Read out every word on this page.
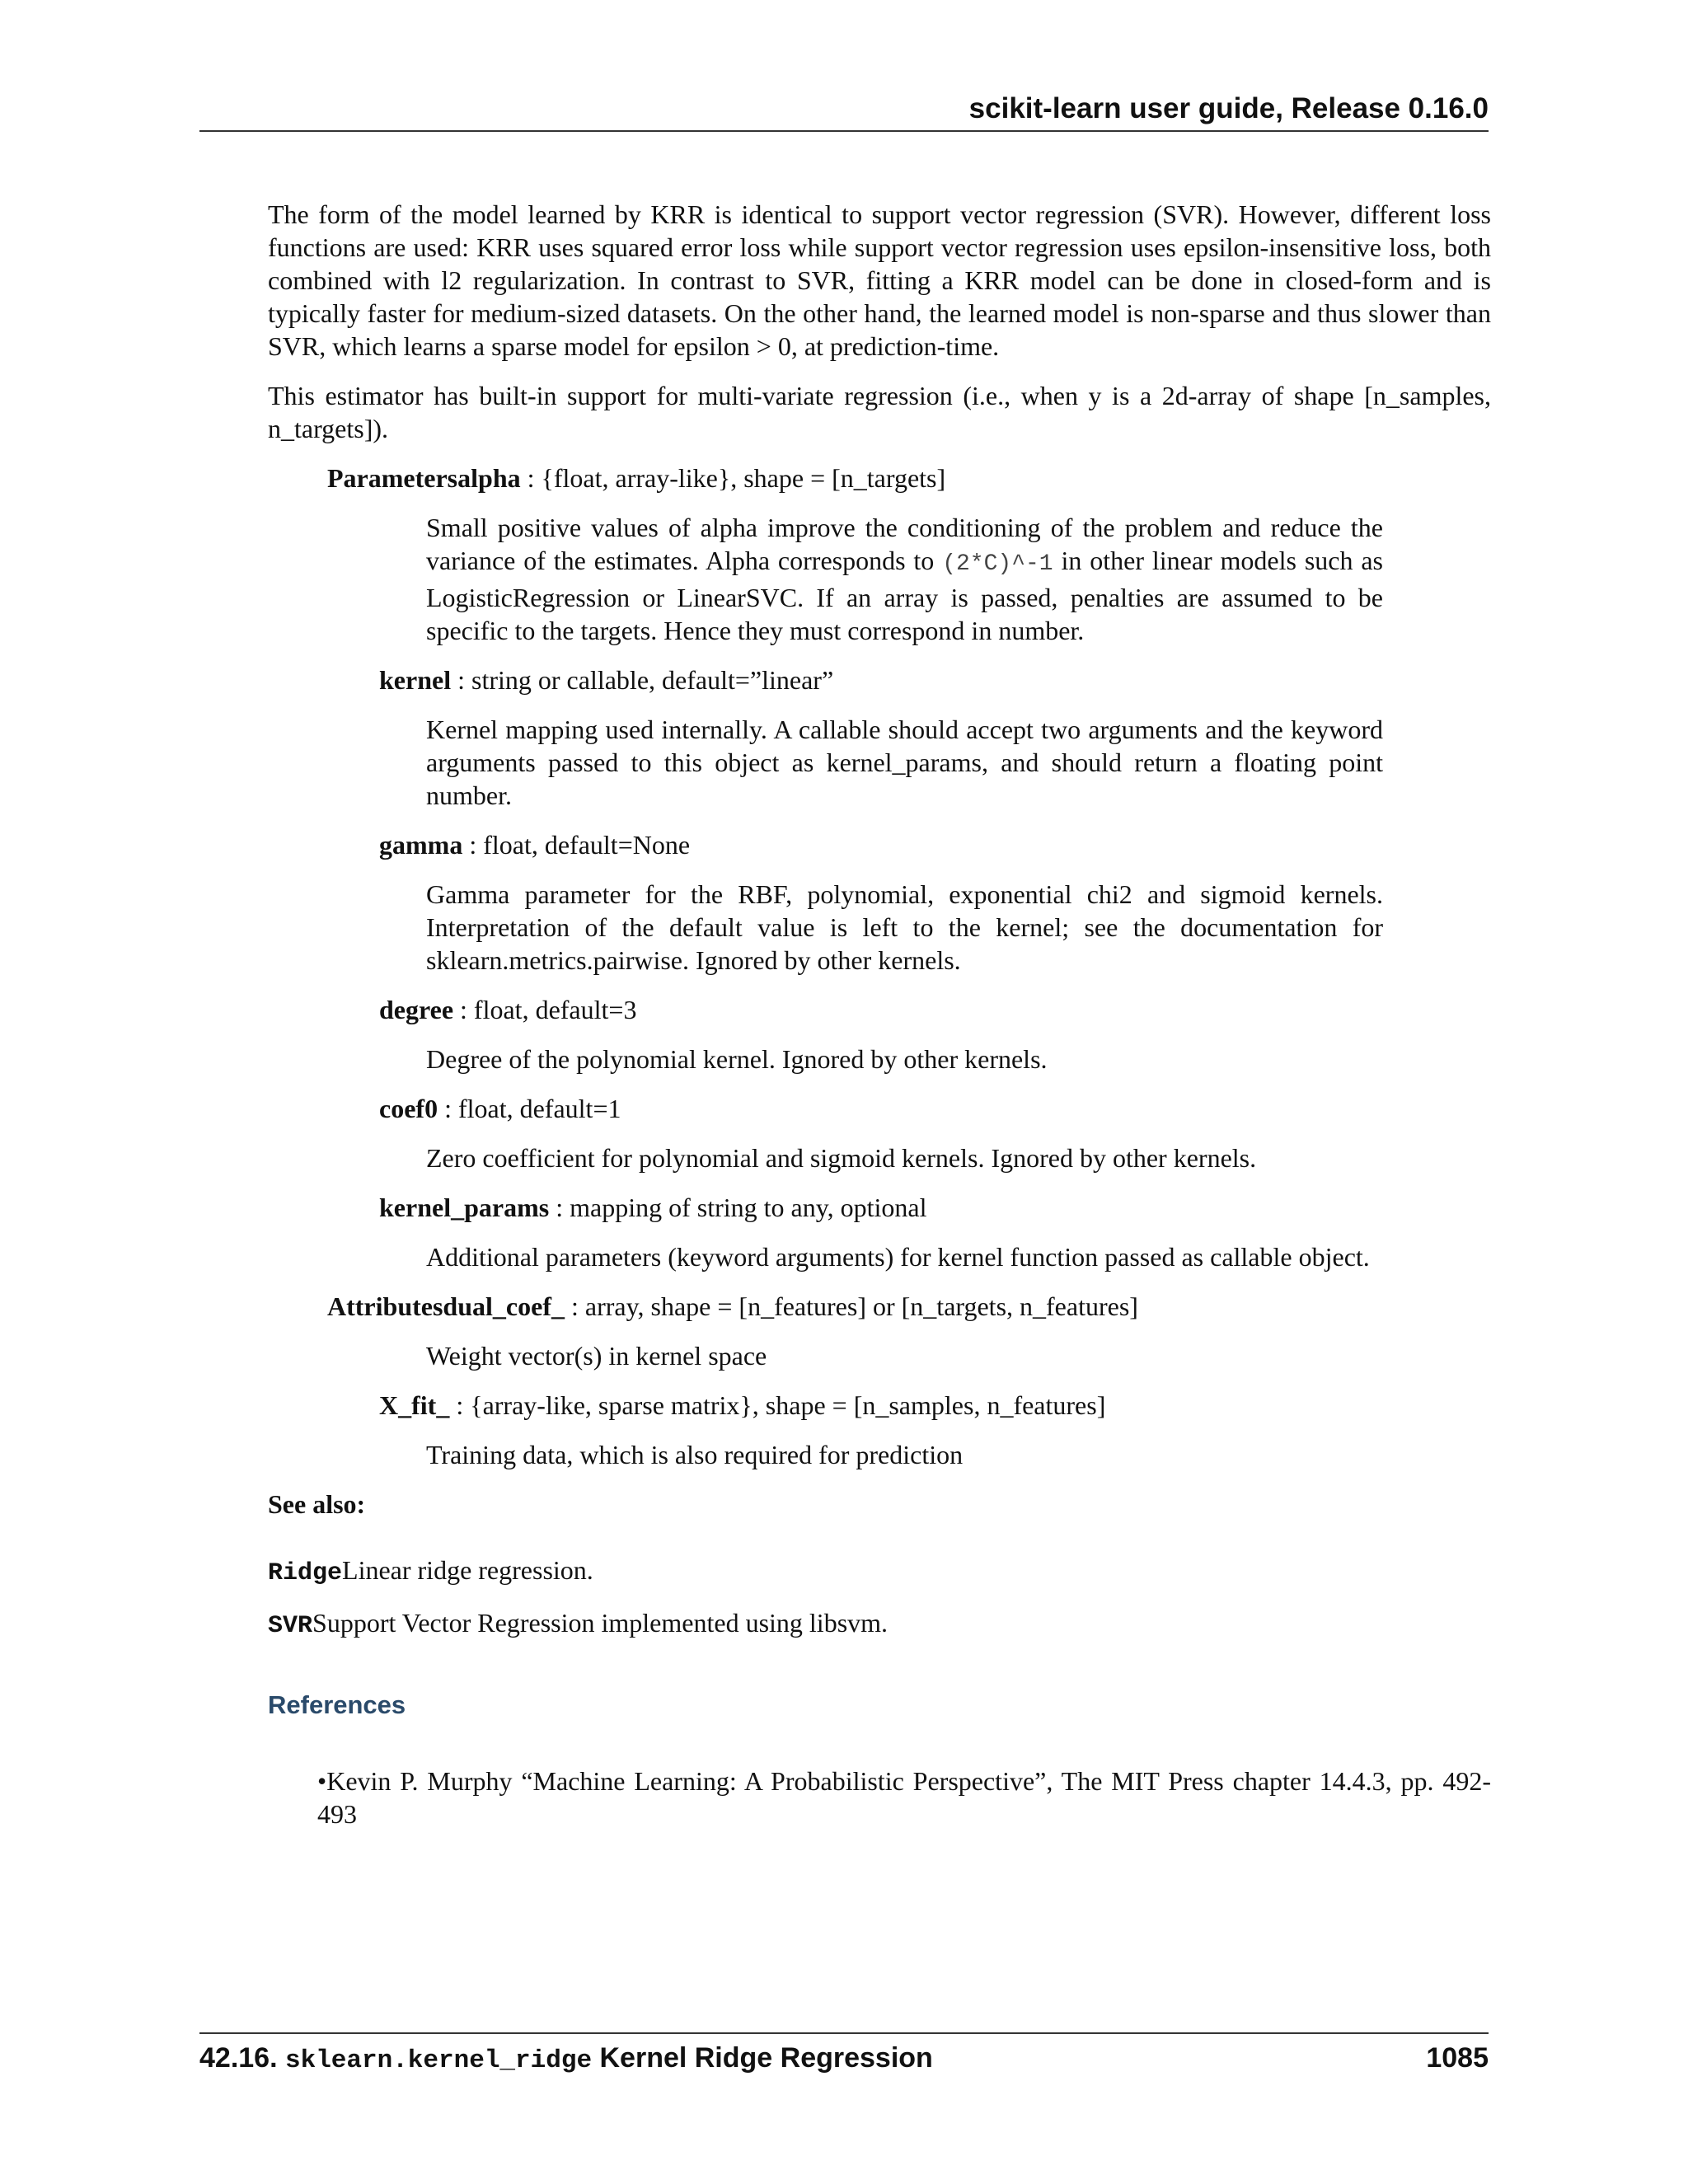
scikit-learn user guide, Release 0.16.0

The form of the model learned by KRR is identical to support vector regression (SVR). However, different loss functions are used: KRR uses squared error loss while support vector regression uses epsilon-insensitive loss, both combined with l2 regularization. In contrast to SVR, fitting a KRR model can be done in closed-form and is typically faster for medium-sized datasets. On the other hand, the learned model is non-sparse and thus slower than SVR, which learns a sparse model for epsilon > 0, at prediction-time.

This estimator has built-in support for multi-variate regression (i.e., when y is a 2d-array of shape [n_samples, n_targets]).

Parametersalpha : {float, array-like}, shape = [n_targets]
Small positive values of alpha improve the conditioning of the problem and reduce the variance of the estimates. Alpha corresponds to (2*C)^-1 in other linear models such as LogisticRegression or LinearSVC. If an array is passed, penalties are assumed to be specific to the targets. Hence they must correspond in number.
kernel : string or callable, default=”linear”
Kernel mapping used internally. A callable should accept two arguments and the keyword arguments passed to this object as kernel_params, and should return a floating point number.
gamma : float, default=None
Gamma parameter for the RBF, polynomial, exponential chi2 and sigmoid kernels. Interpretation of the default value is left to the kernel; see the documentation for sklearn.metrics.pairwise. Ignored by other kernels.
degree : float, default=3
Degree of the polynomial kernel. Ignored by other kernels.
coef0 : float, default=1
Zero coefficient for polynomial and sigmoid kernels. Ignored by other kernels.
kernel_params : mapping of string to any, optional
Additional parameters (keyword arguments) for kernel function passed as callable object.
Attributesdual_coef_ : array, shape = [n_features] or [n_targets, n_features]
Weight vector(s) in kernel space
X_fit_ : {array-like, sparse matrix}, shape = [n_samples, n_features]
Training data, which is also required for prediction
See also:
RidgeLinear ridge regression.
SVRSupport Vector Regression implemented using libsvm.
References
•Kevin P. Murphy “Machine Learning: A Probabilistic Perspective”, The MIT Press chapter 14.4.3, pp. 492-493
42.16. sklearn.kernel_ridge Kernel Ridge Regression	1085
